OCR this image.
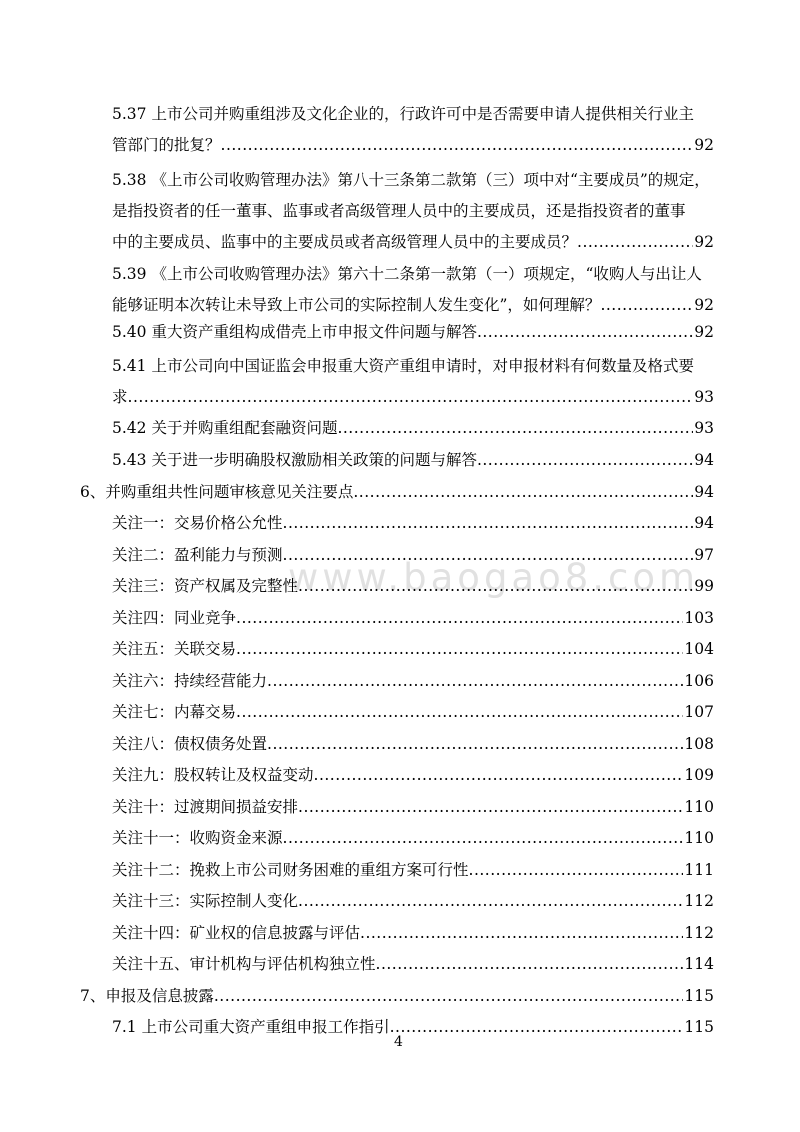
www.baogao8.com
5.37 上市公司并购重组涉及文化企业的，行政许可中是否需要申请人提供相关行业主
管部门的批复？ .....	92
5.38 《上市公司收购管理办法》第八十三条第二款第（三）项中对“主要成员”的规定，
是指投资者的任一董事、监事或者高级管理人员中的主要成员，还是指投资者的董事
中的主要成员、监事中的主要成员或者高级管理人员中的主要成员？ .....	92
5.39 《上市公司收购管理办法》第六十二条第一款第（一）项规定，“收购人与出让人
能够证明本次转让未导致上市公司的实际控制人发生变化”，如何理解？ .....	92
5.40 重大资产重组构成借壳上市申报文件问题与解答 .....	92
5.41 上市公司向中国证监会申报重大资产重组申请时，对申报材料有何数量及格式要
求 .....	93
5.42 关于并购重组配套融资问题 .....	93
5.43 关于进一步明确股权激励相关政策的问题与解答 .....	94
6、并购重组共性问题审核意见关注要点 .....	94
关注一：交易价格公允性 .....	94
关注二：盈利能力与预测 .....	97
关注三：资产权属及完整性 .....	99
关注四：同业竞争 .....	103
关注五：关联交易 .....	104
关注六：持续经营能力 .....	106
关注七：内幕交易 .....	107
关注八：债权债务处置 .....	108
关注九：股权转让及权益变动 .....	109
关注十：过渡期间损益安排 .....	110
关注十一：收购资金来源 .....	110
关注十二：挽救上市公司财务困难的重组方案可行性 .....	111
关注十三：实际控制人变化 .....	112
关注十四：矿业权的信息披露与评估 .....	112
关注十五、审计机构与评估机构独立性 .....	114
7、申报及信息披露 .....	115
7.1 上市公司重大资产重组申报工作指引 .....	115
4
